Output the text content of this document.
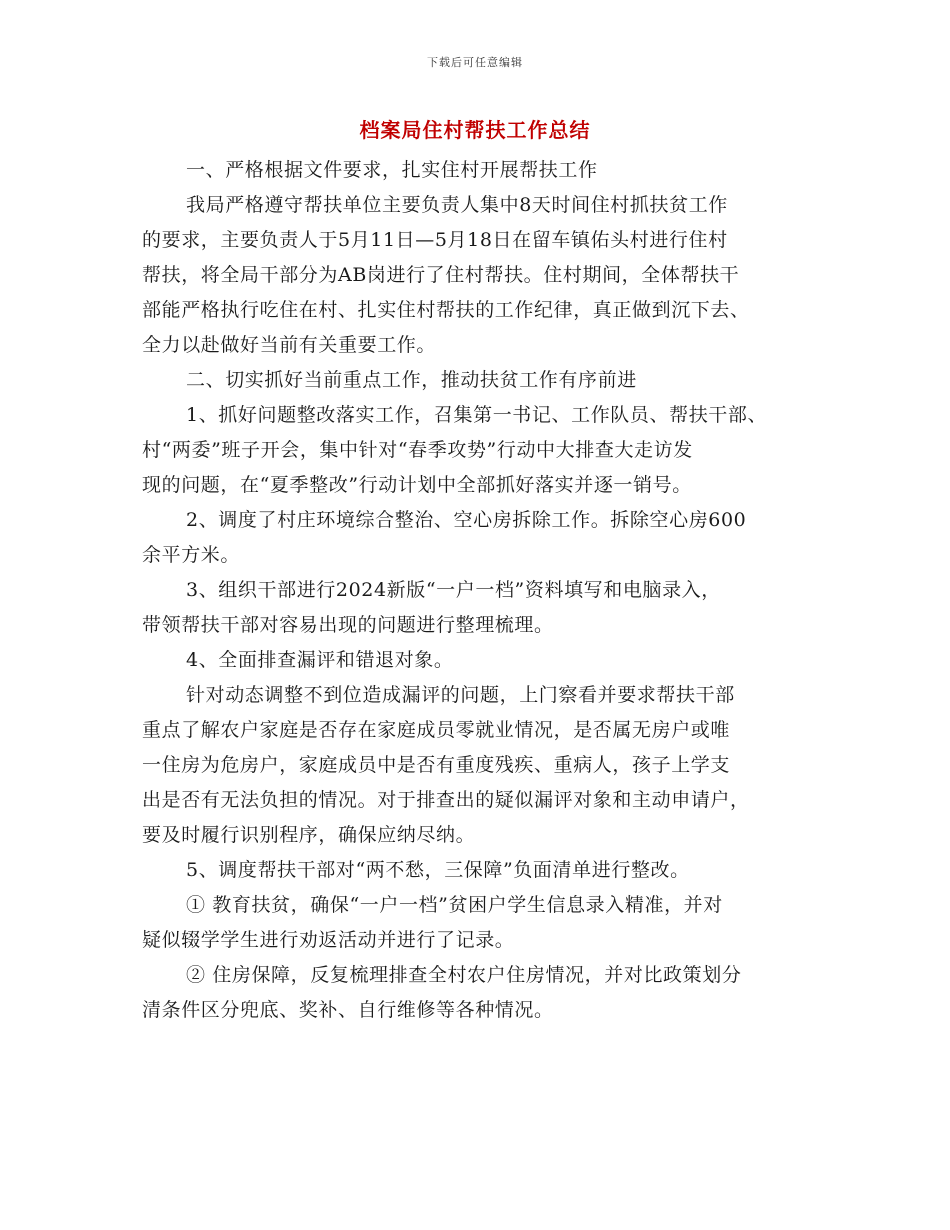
下载后可任意编辑
档案局住村帮扶工作总结
一、严格根据文件要求，扎实住村开展帮扶工作
我局严格遵守帮扶单位主要负责人集中8天时间住村抓扶贫工作
的要求，主要负责人于5月11日—5月18日在留车镇佑头村进行住村
帮扶，将全局干部分为AB岗进行了住村帮扶。住村期间，全体帮扶干
部能严格执行吃住在村、扎实住村帮扶的工作纪律，真正做到沉下去、
全力以赴做好当前有关重要工作。
二、切实抓好当前重点工作，推动扶贫工作有序前进
1、抓好问题整改落实工作，召集第一书记、工作队员、帮扶干部、
村“两委”班子开会，集中针对“春季攻势”行动中大排查大走访发
现的问题，在“夏季整改”行动计划中全部抓好落实并逐一销号。
2、调度了村庄环境综合整治、空心房拆除工作。拆除空心房600
余平方米。
3、组织干部进行2024新版“一户一档”资料填写和电脑录入，
带领帮扶干部对容易出现的问题进行整理梳理。
4、全面排查漏评和错退对象。
针对动态调整不到位造成漏评的问题，上门察看并要求帮扶干部
重点了解农户家庭是否存在家庭成员零就业情况，是否属无房户或唯
一住房为危房户，家庭成员中是否有重度残疾、重病人，孩子上学支
出是否有无法负担的情况。对于排查出的疑似漏评对象和主动申请户，
要及时履行识别程序，确保应纳尽纳。
5、调度帮扶干部对“两不愁，三保障”负面清单进行整改。
① 教育扶贫，确保“一户一档”贫困户学生信息录入精准，并对
疑似辍学学生进行劝返活动并进行了记录。
② 住房保障，反复梳理排查全村农户住房情况，并对比政策划分
清条件区分兜底、奖补、自行维修等各种情况。
